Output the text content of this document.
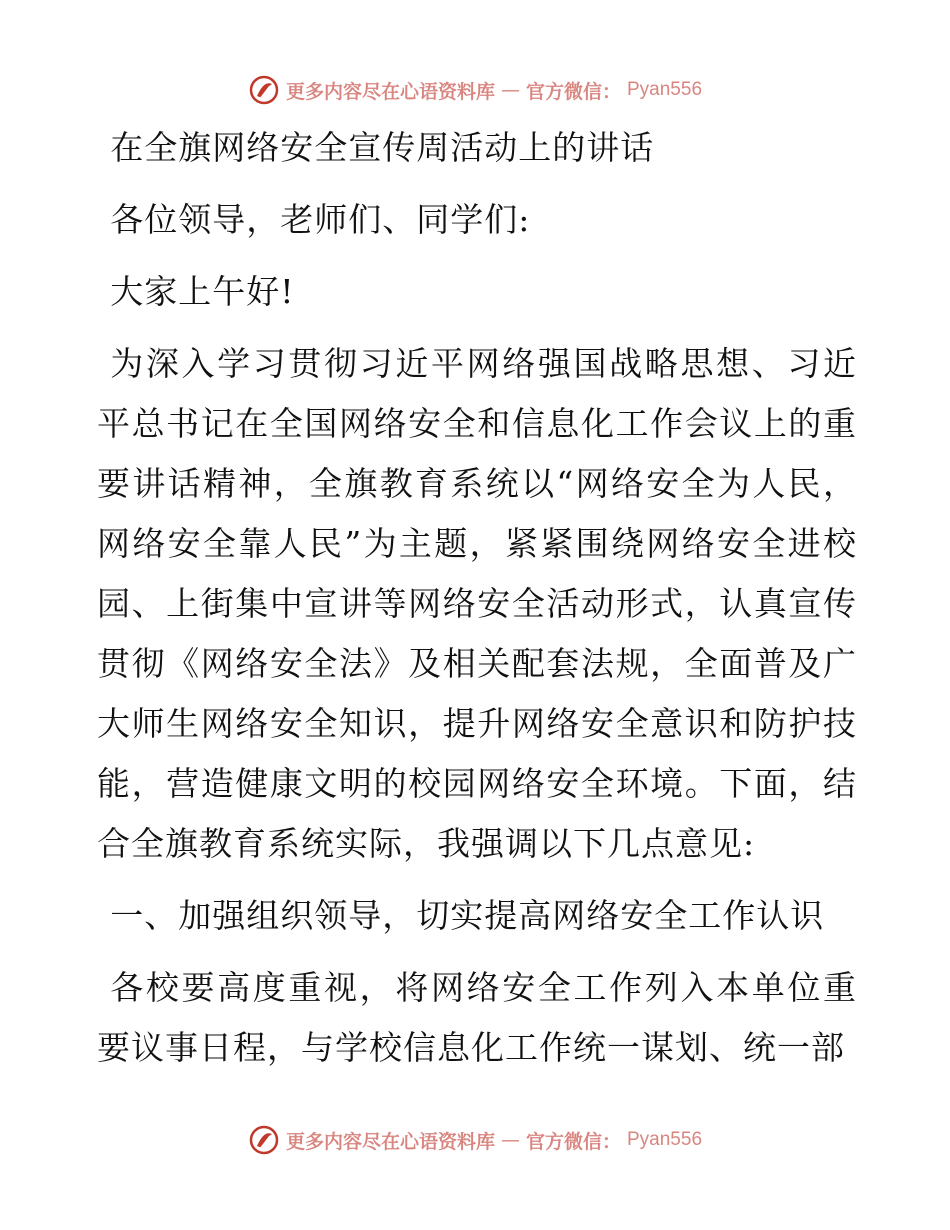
更多内容尽在心语资料库 — 官方微信： Pyan556
在全旗网络安全宣传周活动上的讲话
各位领导，老师们、同学们:
大家上午好!
为深入学习贯彻习近平网络强国战略思想、习近平总书记在全国网络安全和信息化工作会议上的重要讲话精神，全旗教育系统以“网络安全为人民，网络安全靠人民”为主题，紧紧围绕网络安全进校园、上街集中宣讲等网络安全活动形式，认真宣传贯彻《网络安全法》及相关配套法规，全面普及广大师生网络安全知识，提升网络安全意识和防护技能，营造健康文明的校园网络安全环境。下面，结合全旗教育系统实际，我强调以下几点意见:
一、加强组织领导，切实提高网络安全工作认识
各校要高度重视，将网络安全工作列入本单位重要议事日程，与学校信息化工作统一谋划、统一部
更多内容尽在心语资料库 — 官方微信： Pyan556
